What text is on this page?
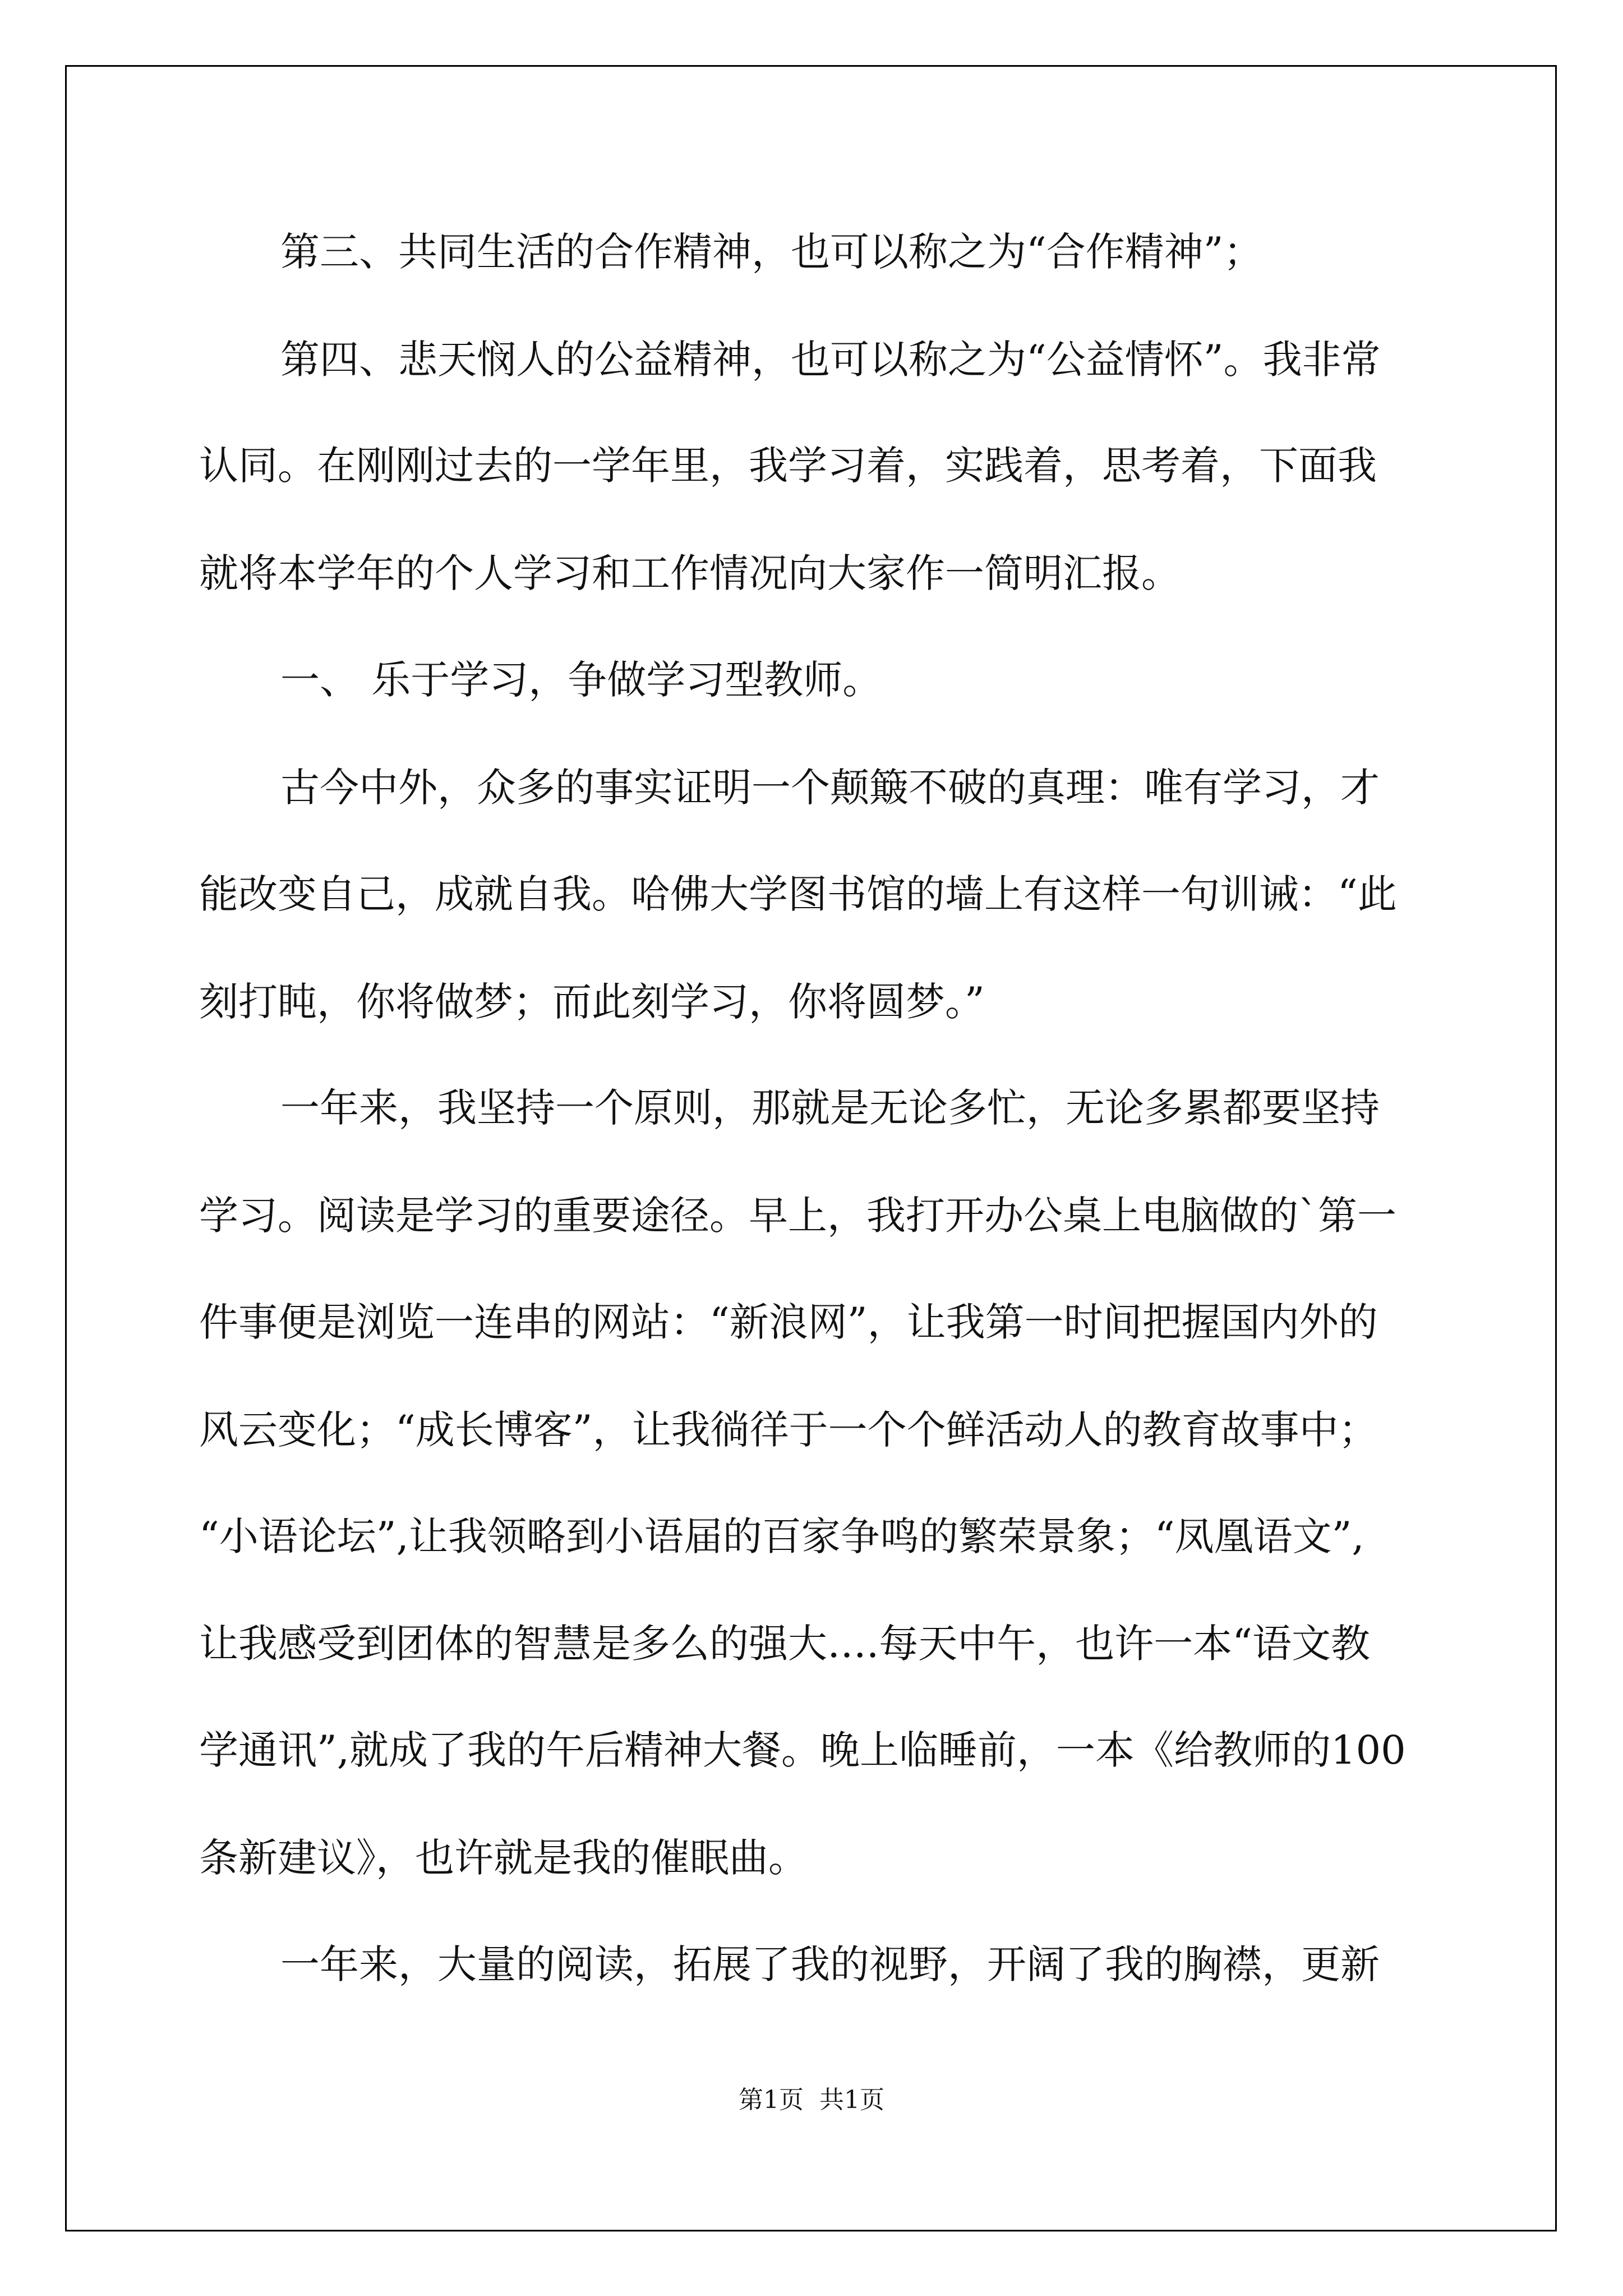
第三、共同生活的合作精神，也可以称之为“合作精神”；

第四、悲天悯人的公益精神，也可以称之为“公益情怀”。我非常

认同。在刚刚过去的一学年里，我学习着，实践着，思考着，下面我

就将本学年的个人学习和工作情况向大家作一简明汇报。

一、 乐于学习，争做学习型教师。

古今中外，众多的事实证明一个颠簸不破的真理：唯有学习，才

能改变自己，成就自我。哈佛大学图书馆的墙上有这样一句训诫：“此

刻打盹，你将做梦；而此刻学习，你将圆梦。”

一年来，我坚持一个原则，那就是无论多忙，无论多累都要坚持

学习。阅读是学习的重要途径。早上，我打开办公桌上电脑做的`第一

件事便是浏览一连串的网站：“新浪网”，让我第一时间把握国内外的

风云变化；“成长博客”，让我徜徉于一个个鲜活动人的教育故事中；

“小语论坛”,让我领略到小语届的百家争鸣的繁荣景象；“凤凰语文”,

让我感受到团体的智慧是多么的强大….每天中午，也许一本“语文教

学通讯”,就成了我的午后精神大餐。晚上临睡前，一本《给教师的100

条新建议》，也许就是我的催眠曲。

一年来，大量的阅读，拓展了我的视野，开阔了我的胸襟，更新

第1页  共1页
